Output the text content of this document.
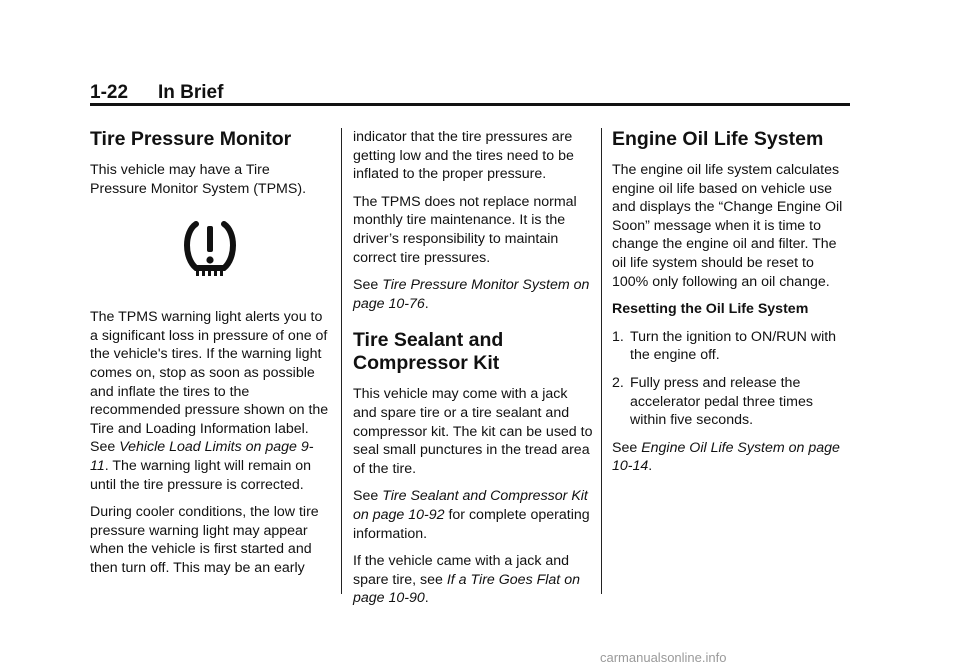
1-22 In Brief
Tire Pressure Monitor

This vehicle may have a Tire Pressure Monitor System (TPMS).

The TPMS warning light alerts you to a significant loss in pressure of one of the vehicle's tires. If the warning light comes on, stop as soon as possible and inflate the tires to the recommended pressure shown on the Tire and Loading Information label. See Vehicle Load Limits on page 9-11. The warning light will remain on until the tire pressure is corrected.

During cooler conditions, the low tire pressure warning light may appear when the vehicle is first started and then turn off. This may be an early

indicator that the tire pressures are getting low and the tires need to be inflated to the proper pressure.

The TPMS does not replace normal monthly tire maintenance. It is the driver’s responsibility to maintain correct tire pressures.

See Tire Pressure Monitor System on page 10-76.

Tire Sealant and Compressor Kit

This vehicle may come with a jack and spare tire or a tire sealant and compressor kit. The kit can be used to seal small punctures in the tread area of the tire.

See Tire Sealant and Compressor Kit on page 10-92 for complete operating information.

If the vehicle came with a jack and spare tire, see If a Tire Goes Flat on page 10-90.

Engine Oil Life System

The engine oil life system calculates engine oil life based on vehicle use and displays the “Change Engine Oil Soon” message when it is time to change the engine oil and filter. The oil life system should be reset to 100% only following an oil change.

Resetting the Oil Life System
1. Turn the ignition to ON/RUN with the engine off.
2. Fully press and release the accelerator pedal three times within five seconds.

See Engine Oil Life System on page 10-14.

carmanualsonline.info
